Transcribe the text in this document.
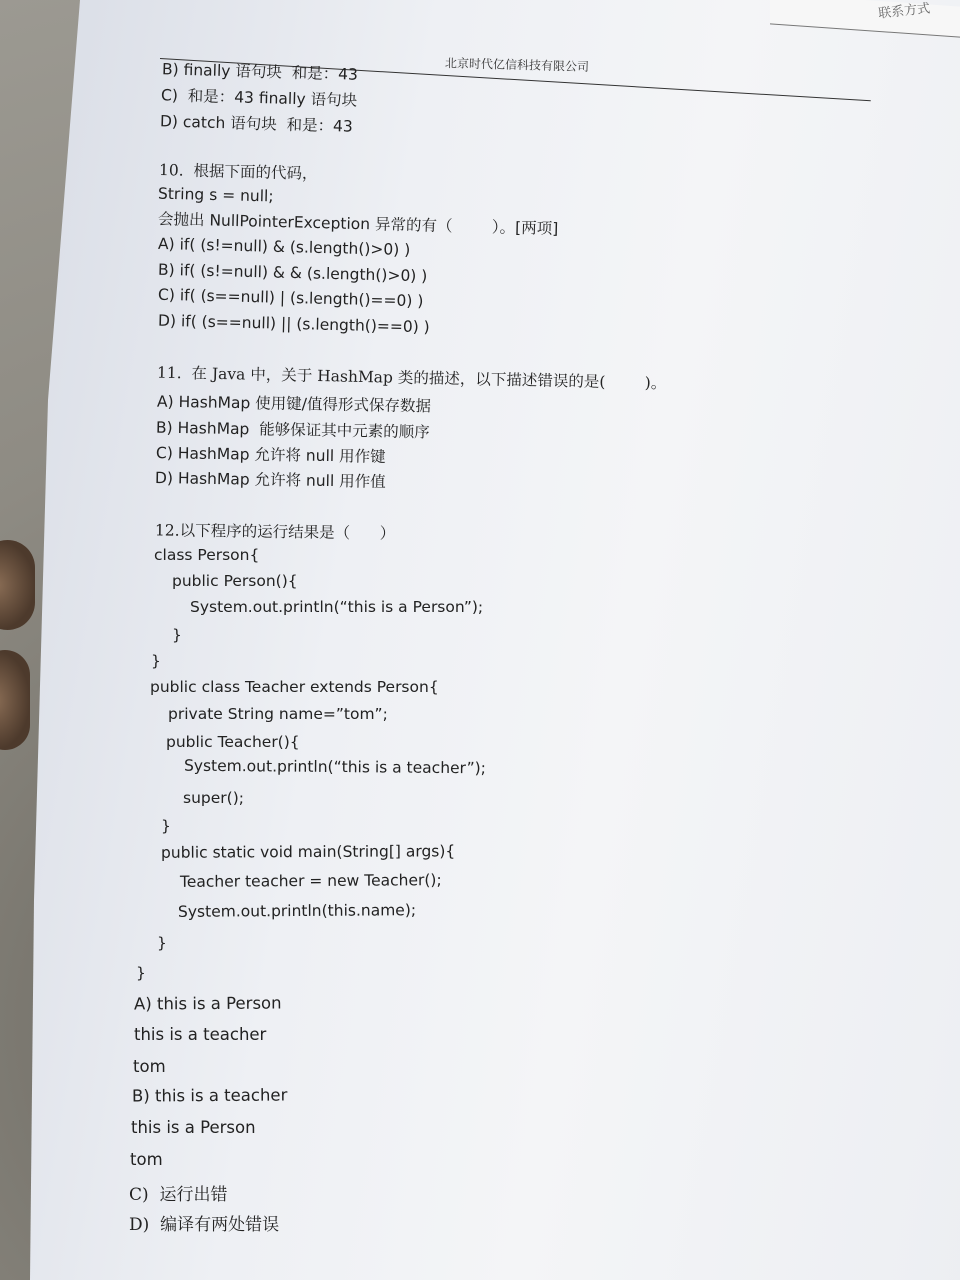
联系方式
北京时代亿信科技有限公司
B) finally 语句块  和是：43
C)  和是：43 finally 语句块
D) catch 语句块  和是：43
10.  根据下面的代码，
String s = null;
会抛出 NullPointerException 异常的有（        ）。[两项]
A) if( (s!=null) & (s.length()>0) )
B) if( (s!=null) & & (s.length()>0) )
C) if( (s==null) | (s.length()==0) )
D) if( (s==null) || (s.length()==0) )
11.  在 Java 中，关于 HashMap 类的描述，以下描述错误的是(        )。
A) HashMap 使用键/值得形式保存数据
B) HashMap  能够保证其中元素的顺序
C) HashMap 允许将 null 用作键
D) HashMap 允许将 null 用作值
12.以下程序的运行结果是（      ）
class Person{
public Person(){
System.out.println(“this is a Person”);
}
}
public class Teacher extends Person{
private String name=”tom”;
public Teacher(){
System.out.println(“this is a teacher”);
super();
}
public static void main(String[] args){
Teacher teacher = new Teacher();
System.out.println(this.name);
}
}
A) this is a Person
this is a teacher
tom
B) this is a teacher
this is a Person
tom
C)  运行出错
D)  编译有两处错误
